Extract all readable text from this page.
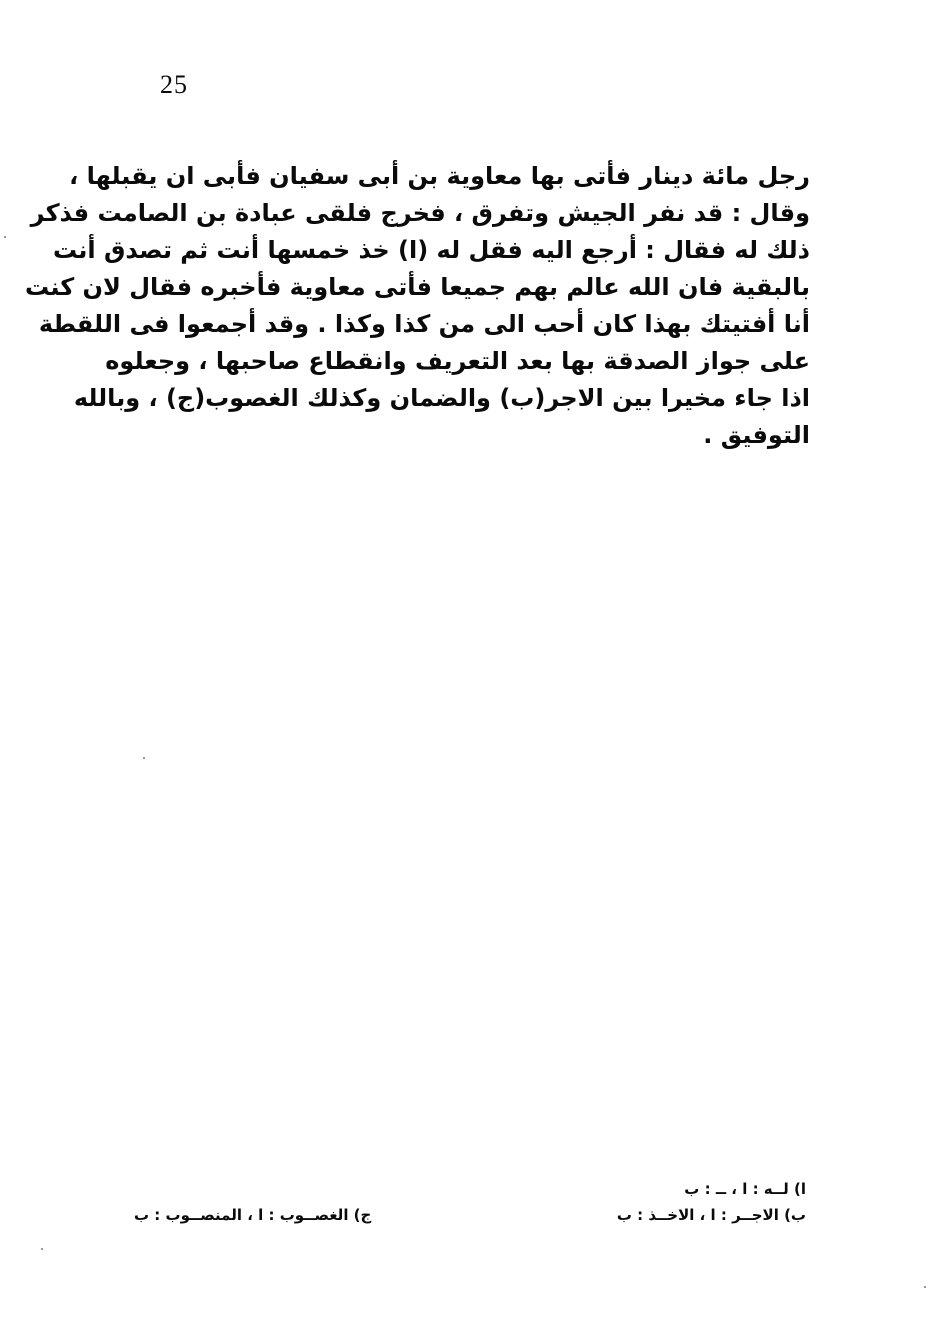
25
رجل مائة دينار فأتى بها معاوية بن أبى سفيان فأبى ان يقبلها ،
وقال : قد نفر الجيش وتفرق ، فخرج فلقى عبادة بن الصامت فذكر
ذلك له فقال : أرجع اليه فقل له (ا) خذ خمسها أنت ثم تصدق أنت
بالبقية فان الله عالم بهم جميعا فأتى معاوية فأخبره فقال لان كنت
أنا أفتيتك بهذا كان أحب الى من كذا وكذا . وقد أجمعوا فى اللقطة
على جواز الصدقة بها بعد التعريف وانقطاع صاحبها ، وجعلوه
اذا جاء مخيرا بين الاجر(ب) والضمان وكذلك الغصوب(ج) ، وبالله
التوفيق .
ا) لــه : ا ، ــ : ب
ب) الاجــر : ا ، الاخــذ : ب
ج) الغصــوب : ا ، المنصــوب : ب
